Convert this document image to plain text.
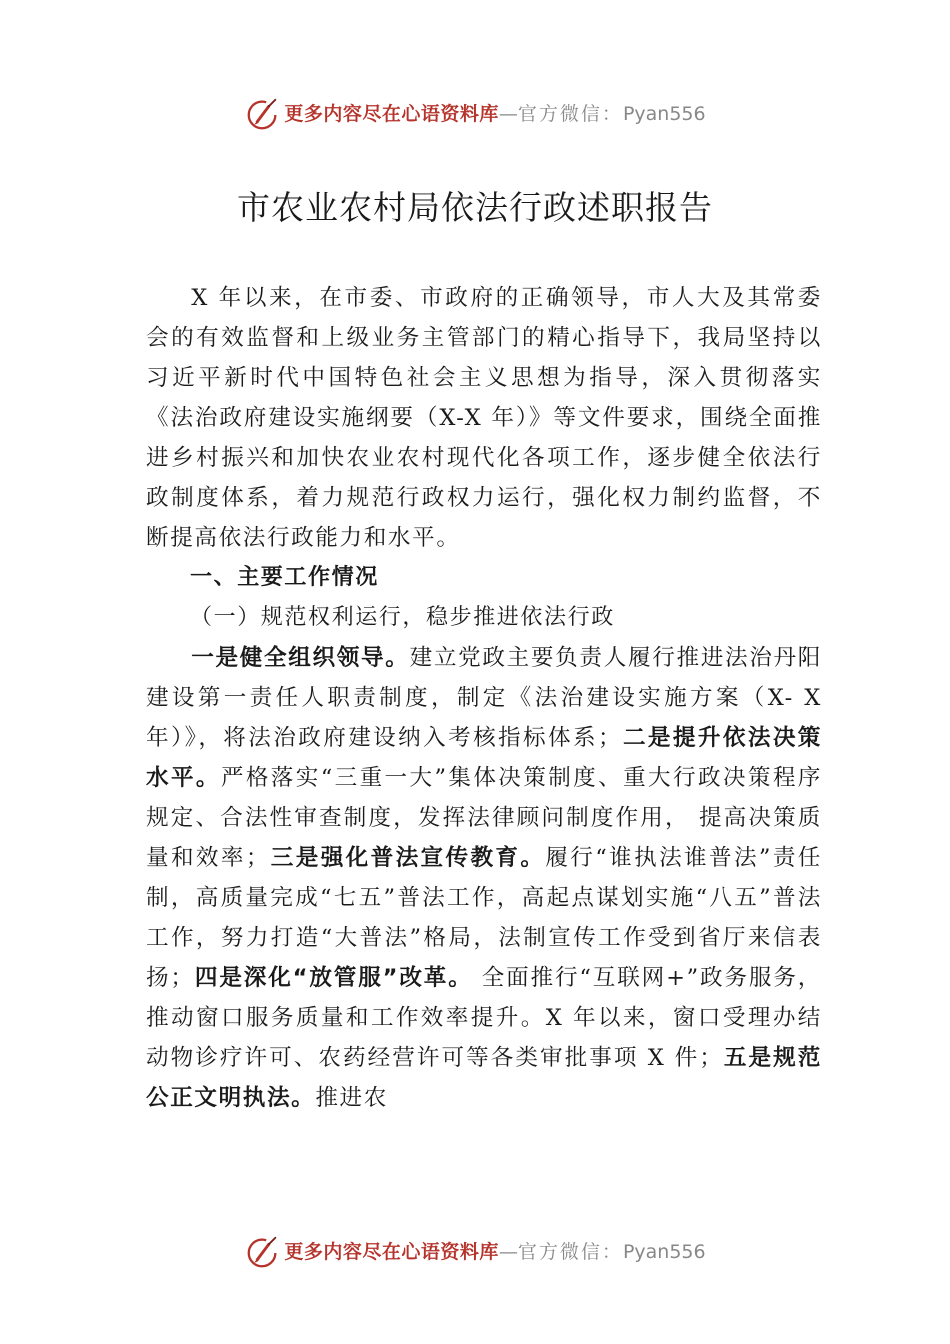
更多内容尽在心语资料库—官方微信：Pyan556
市农业农村局依法行政述职报告

X 年以来，在市委、市政府的正确领导，市人大及其常委会的有效监督和上级业务主管部门的精心指导下，我局坚持以习近平新时代中国特色社会主义思想为指导，深入贯彻落实《法治政府建设实施纲要（X-X 年）》等文件要求，围绕全面推进乡村振兴和加快农业农村现代化各项工作，逐步健全依法行政制度体系，着力规范行政权力运行，强化权力制约监督，不断提高依法行政能力和水平。

一、主要工作情况

（一）规范权利运行，稳步推进依法行政

一是健全组织领导。建立党政主要负责人履行推进法治丹阳建设第一责任人职责制度，制定《法治建设实施方案（X- X 年）》，将法治政府建设纳入考核指标体系；二是提升依法决策水平。严格落实“三重一大”集体决策制度、重大行政决策程序规定、合法性审查制度，发挥法律顾问制度作用， 提高决策质量和效率；三是强化普法宣传教育。履行“谁执法谁普法”责任制，高质量完成“七五”普法工作，高起点谋划实施“八五”普法工作，努力打造“大普法”格局，法制宣传工作受到省厅来信表扬；四是深化“放管服”改革。 全面推行“互联网+”政务服务，推动窗口服务质量和工作效率提升。X 年以来，窗口受理办结动物诊疗许可、农药经营许可等各类审批事项 X 件；五是规范公正文明执法。推进农

更多内容尽在心语资料库—官方微信：Pyan556
